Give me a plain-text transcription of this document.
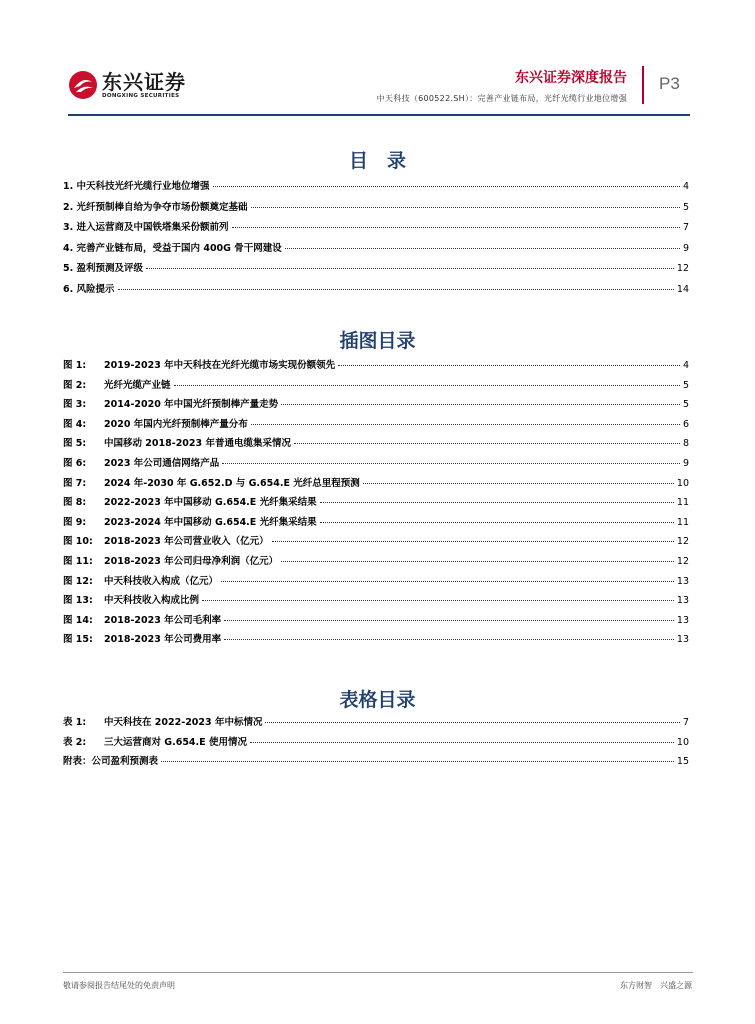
东兴证券
DONGXING SECURITIES
东兴证券深度报告
中天科技（600522.SH）：完善产业链布局，光纤光缆行业地位增强
P3
目　录
1. 中天科技光纤光缆行业地位增强	4
2. 光纤预制棒自给为争夺市场份额奠定基础	5
3. 进入运营商及中国铁塔集采份额前列	7
4. 完善产业链布局，受益于国内 400G 骨干网建设	9
5. 盈利预测及评级	12
6. 风险提示	14
插图目录
图 1:	2019-2023 年中天科技在光纤光缆市场实现份额领先	4
图 2:	光纤光缆产业链	5
图 3:	2014-2020 年中国光纤预制棒产量走势	5
图 4:	2020 年国内光纤预制棒产量分布	6
图 5:	中国移动 2018-2023 年普通电缆集采情况	8
图 6:	2023 年公司通信网络产品	9
图 7:	2024 年-2030 年 G.652.D 与 G.654.E 光纤总里程预测	10
图 8:	2022-2023 年中国移动 G.654.E 光纤集采结果	11
图 9:	2023-2024 年中国移动 G.654.E 光纤集采结果	11
图 10:	2018-2023 年公司营业收入（亿元）	12
图 11:	2018-2023 年公司归母净利润（亿元）	12
图 12:	中天科技收入构成（亿元）	13
图 13:	中天科技收入构成比例	13
图 14:	2018-2023 年公司毛利率	13
图 15:	2018-2023 年公司费用率	13
表格目录
表 1:	中天科技在 2022-2023 年中标情况	7
表 2:	三大运营商对 G.654.E 使用情况	10
附表：公司盈利预测表	15
敬请参阅报告结尾处的免责声明	东方财智　兴盛之源
